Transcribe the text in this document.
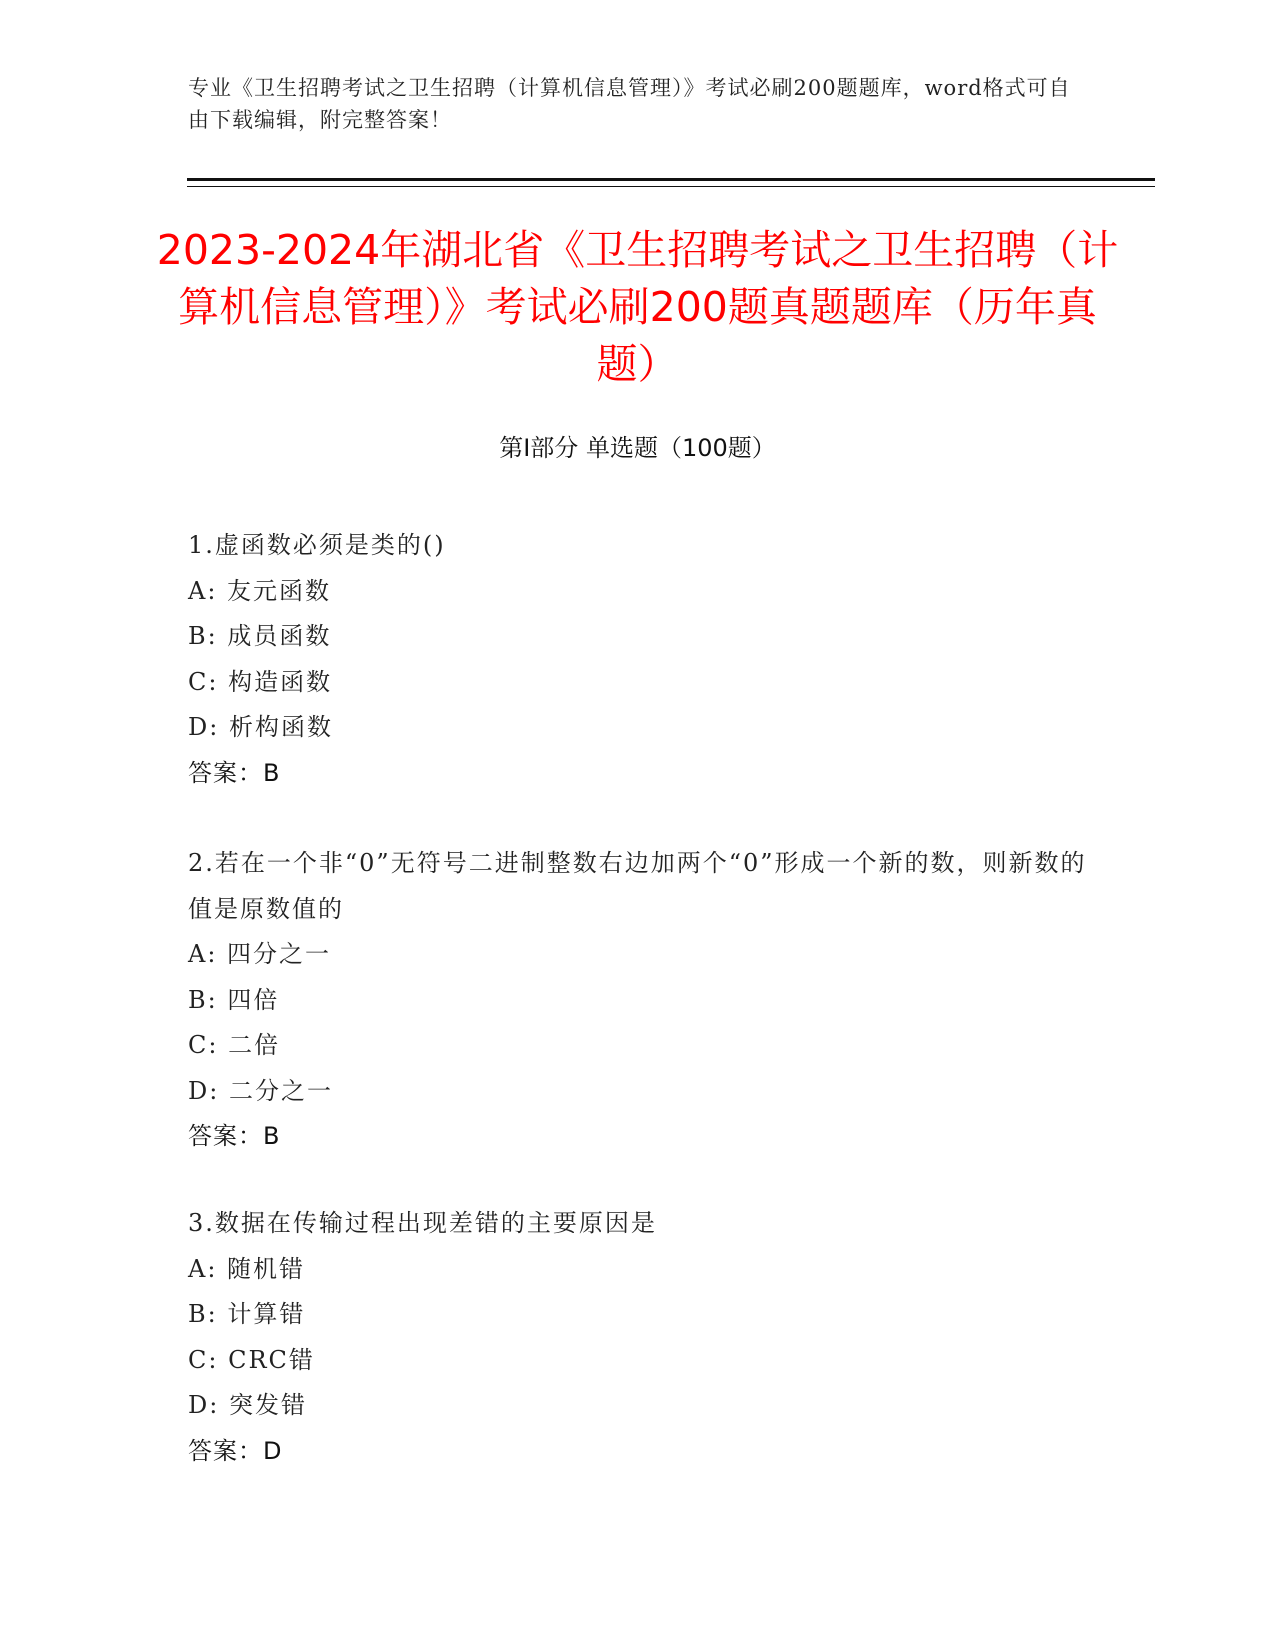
专业《卫生招聘考试之卫生招聘（计算机信息管理）》考试必刷200题题库，word格式可自由下载编辑，附完整答案！
2023-2024年湖北省《卫生招聘考试之卫生招聘（计算机信息管理）》考试必刷200题真题题库（历年真题）
第Ⅰ部分 单选题（100题）
1.虚函数必须是类的()
A: 友元函数
B: 成员函数
C: 构造函数
D: 析构函数
答案：B
2.若在一个非“0”无符号二进制整数右边加两个“0”形成一个新的数，则新数的值是原数值的
A: 四分之一
B: 四倍
C: 二倍
D: 二分之一
答案：B
3.数据在传输过程出现差错的主要原因是
A: 随机错
B: 计算错
C: CRC错
D: 突发错
答案：D
